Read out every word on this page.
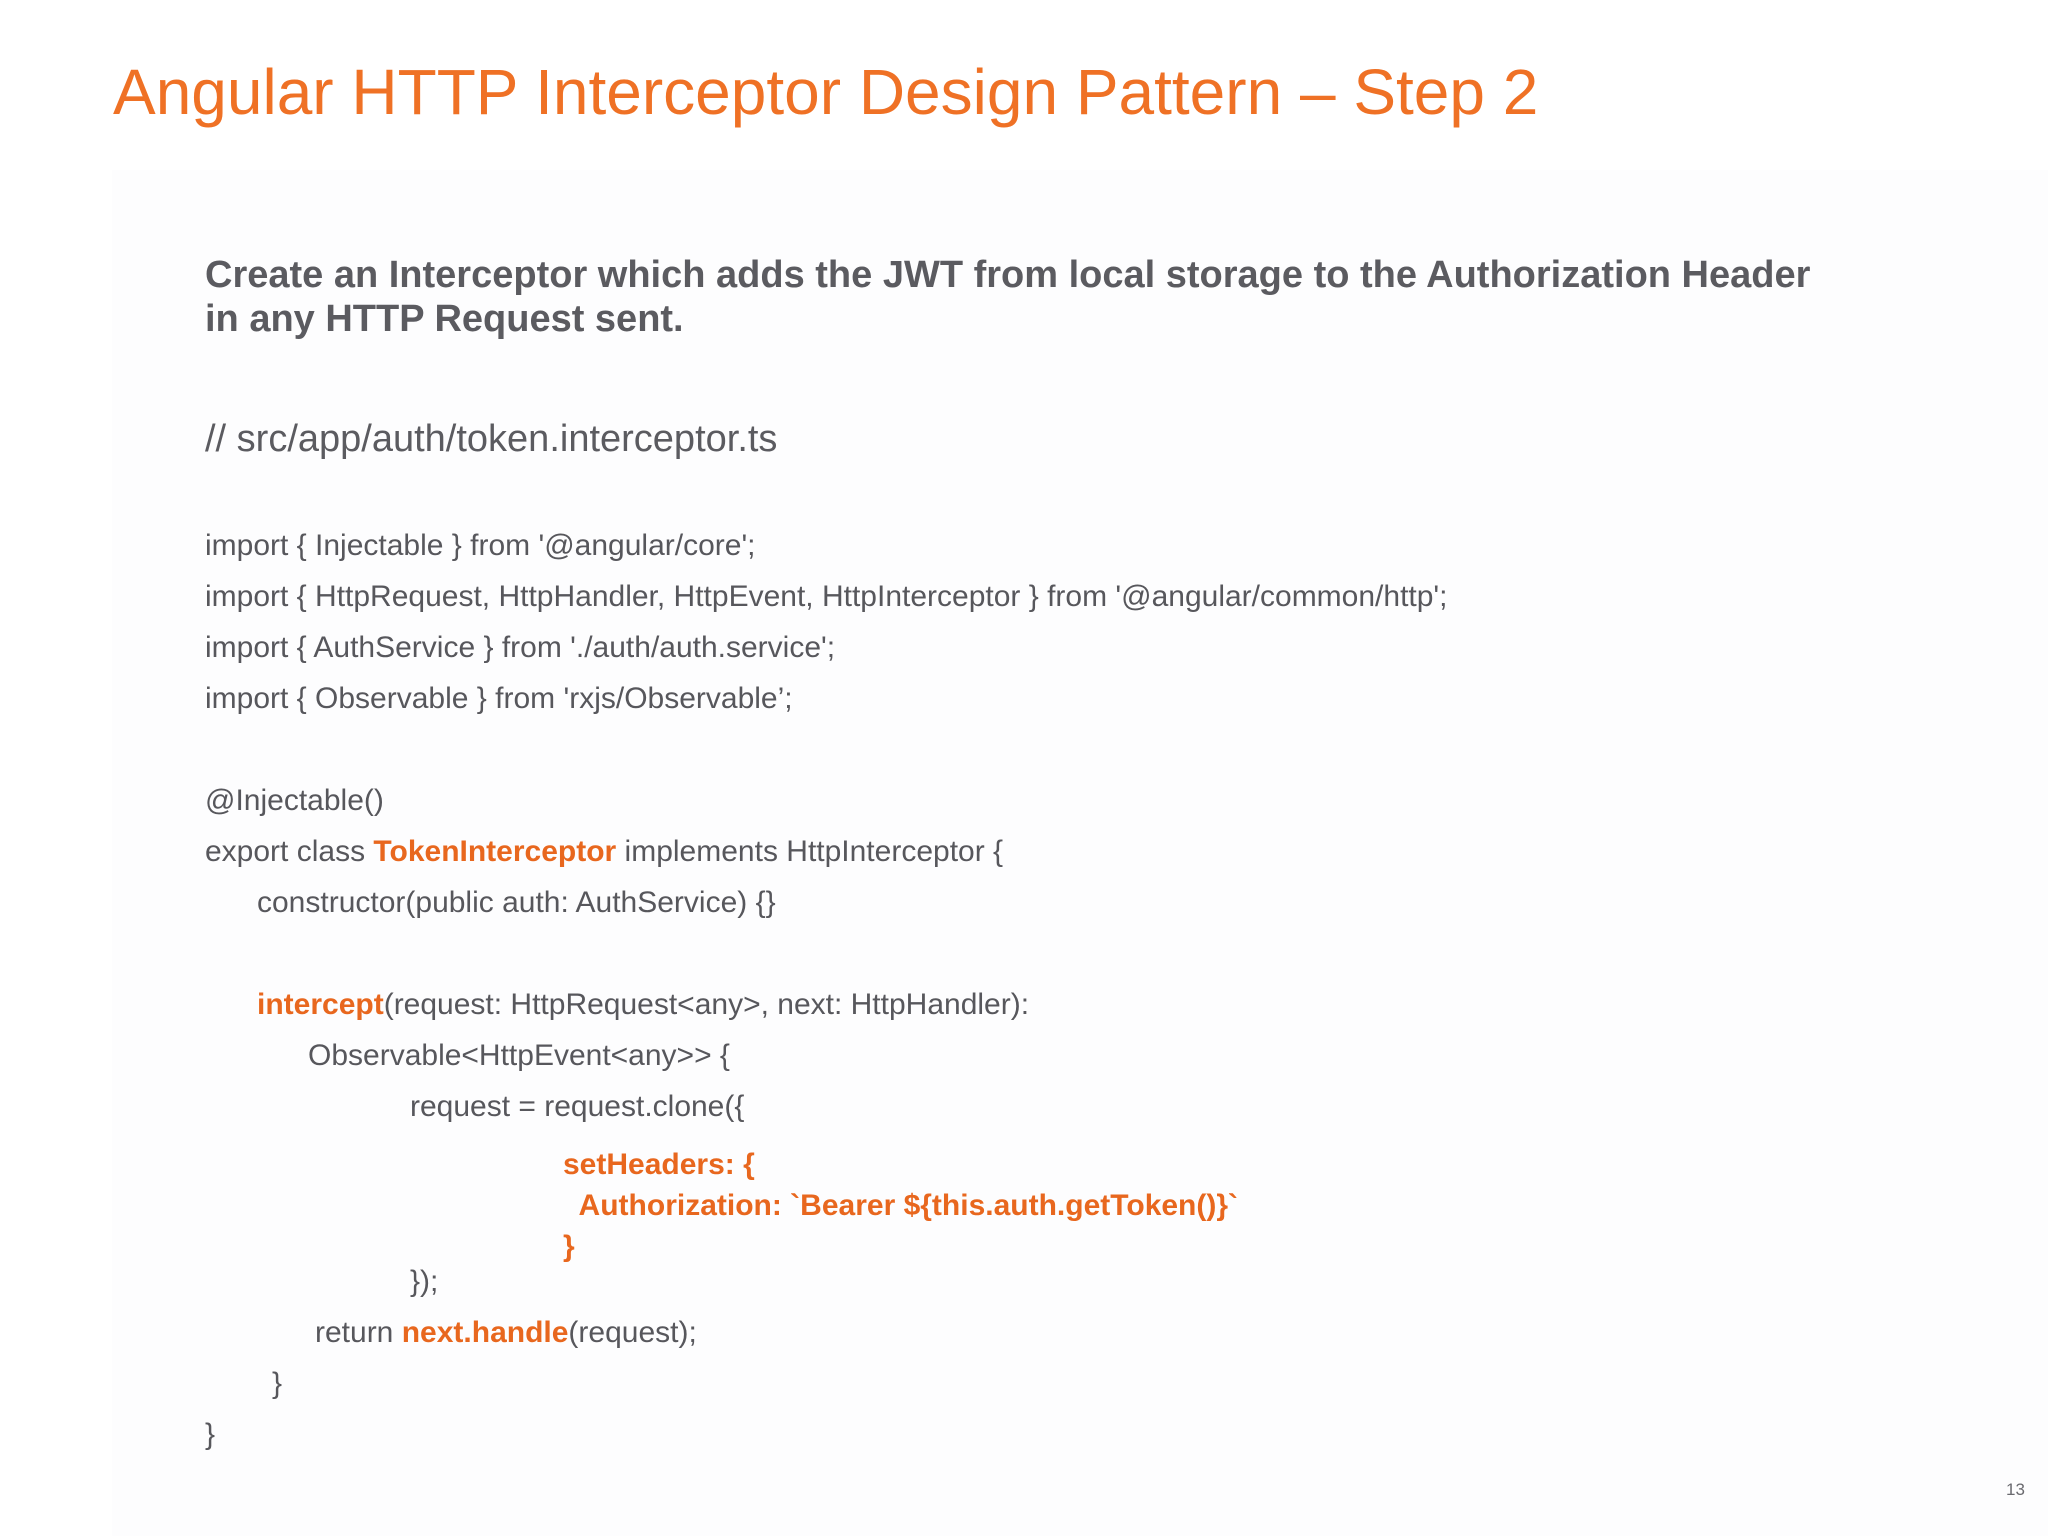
Angular HTTP Interceptor Design Pattern – Step 2

Create an Interceptor which adds the JWT from local storage to the Authorization Header in any HTTP Request sent.

// src/app/auth/token.interceptor.ts

import { Injectable } from '@angular/core';

import { HttpRequest, HttpHandler, HttpEvent, HttpInterceptor } from '@angular/common/http';

import { AuthService } from './auth/auth.service';

import { Observable } from 'rxjs/Observable’;

@Injectable()

export class TokenInterceptor implements HttpInterceptor {

constructor(public auth: AuthService) {}

intercept(request: HttpRequest<any>, next: HttpHandler):

Observable<HttpEvent<any>> {

request = request.clone({

setHeaders: {

Authorization: `Bearer ${this.auth.getToken()}`

}

});

return next.handle(request);

}

}

13
